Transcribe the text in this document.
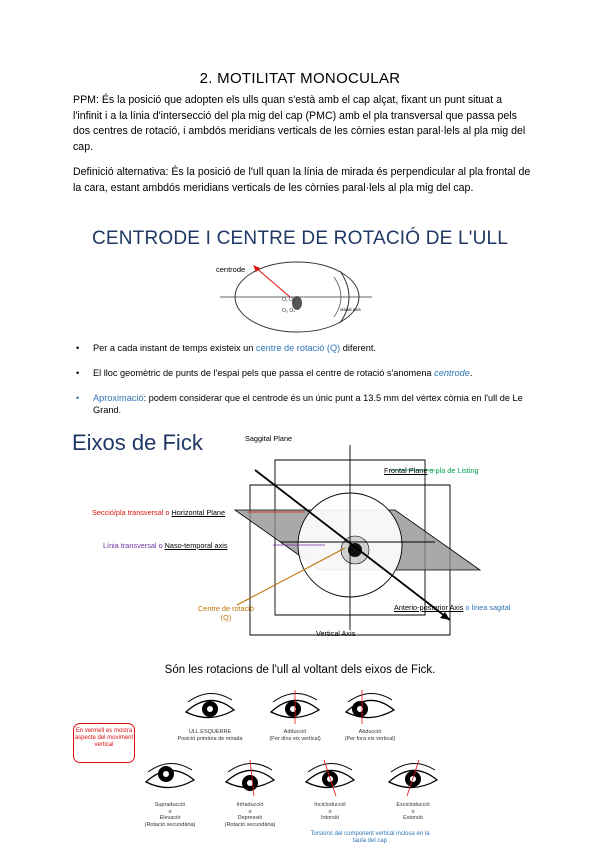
2. MOTILITAT MONOCULAR
PPM: És la posició que adopten els ulls quan s'està amb el cap alçat, fixant un punt situat a l'infinit i a la línia d'intersecció del pla mig del cap (PMC) amb el pla transversal que passa pels dos centres de rotació, i ambdós meridians verticals de les còrnies estan paral·lels al pla mig del cap.
Definició alternativa: És la posició de l'ull quan la línia de mirada és perpendicular al pla frontal de la cara, estant ambdós meridians verticals de les còrnies paral·lels al pla mig del cap.
CENTRODE I CENTRE DE ROTACIÓ DE L'ULL
O₁ O₂
O₃ O₄
centrode
visual axis
• Per a cada instant de temps existeix un centre de rotació (Q) diferent.
• El lloc geomètric de punts de l'espai pels que passa el centre de rotació s'anomena centrode.
• Aproximació: podem considerar que el centrode és un únic punt a 13.5 mm del vèrtex còrnia en l'ull de Le Grand.
Eixos de Fick	Saggital Plane
Frontal Plane o pla de Listing
Secció/pla transversal o Horizontal Plane
Línia transversal o Naso-temporal axis
Centre de rotació
(Q)
Anterio-posterior Axis o línea sagital
Vertical Axis
Són les rotacions de l'ull al voltant dels eixos de Fick.
En vermell es mostra aspecte del moviment vertical
ULL ESQUERRE
Posició primària de mirada
Adducció
(Per dins eix vertical)
Abducció
(Per fora eix vertical)
Supraducció
o
Elevació
(Rotació secundària)
Infraducció
o
Depressió
(Rotació secundària)
Incicloducció
o
Intorsió
Excicloducció
o
Extorsió
Torsions del component vertical inclosa en la taula del cap
